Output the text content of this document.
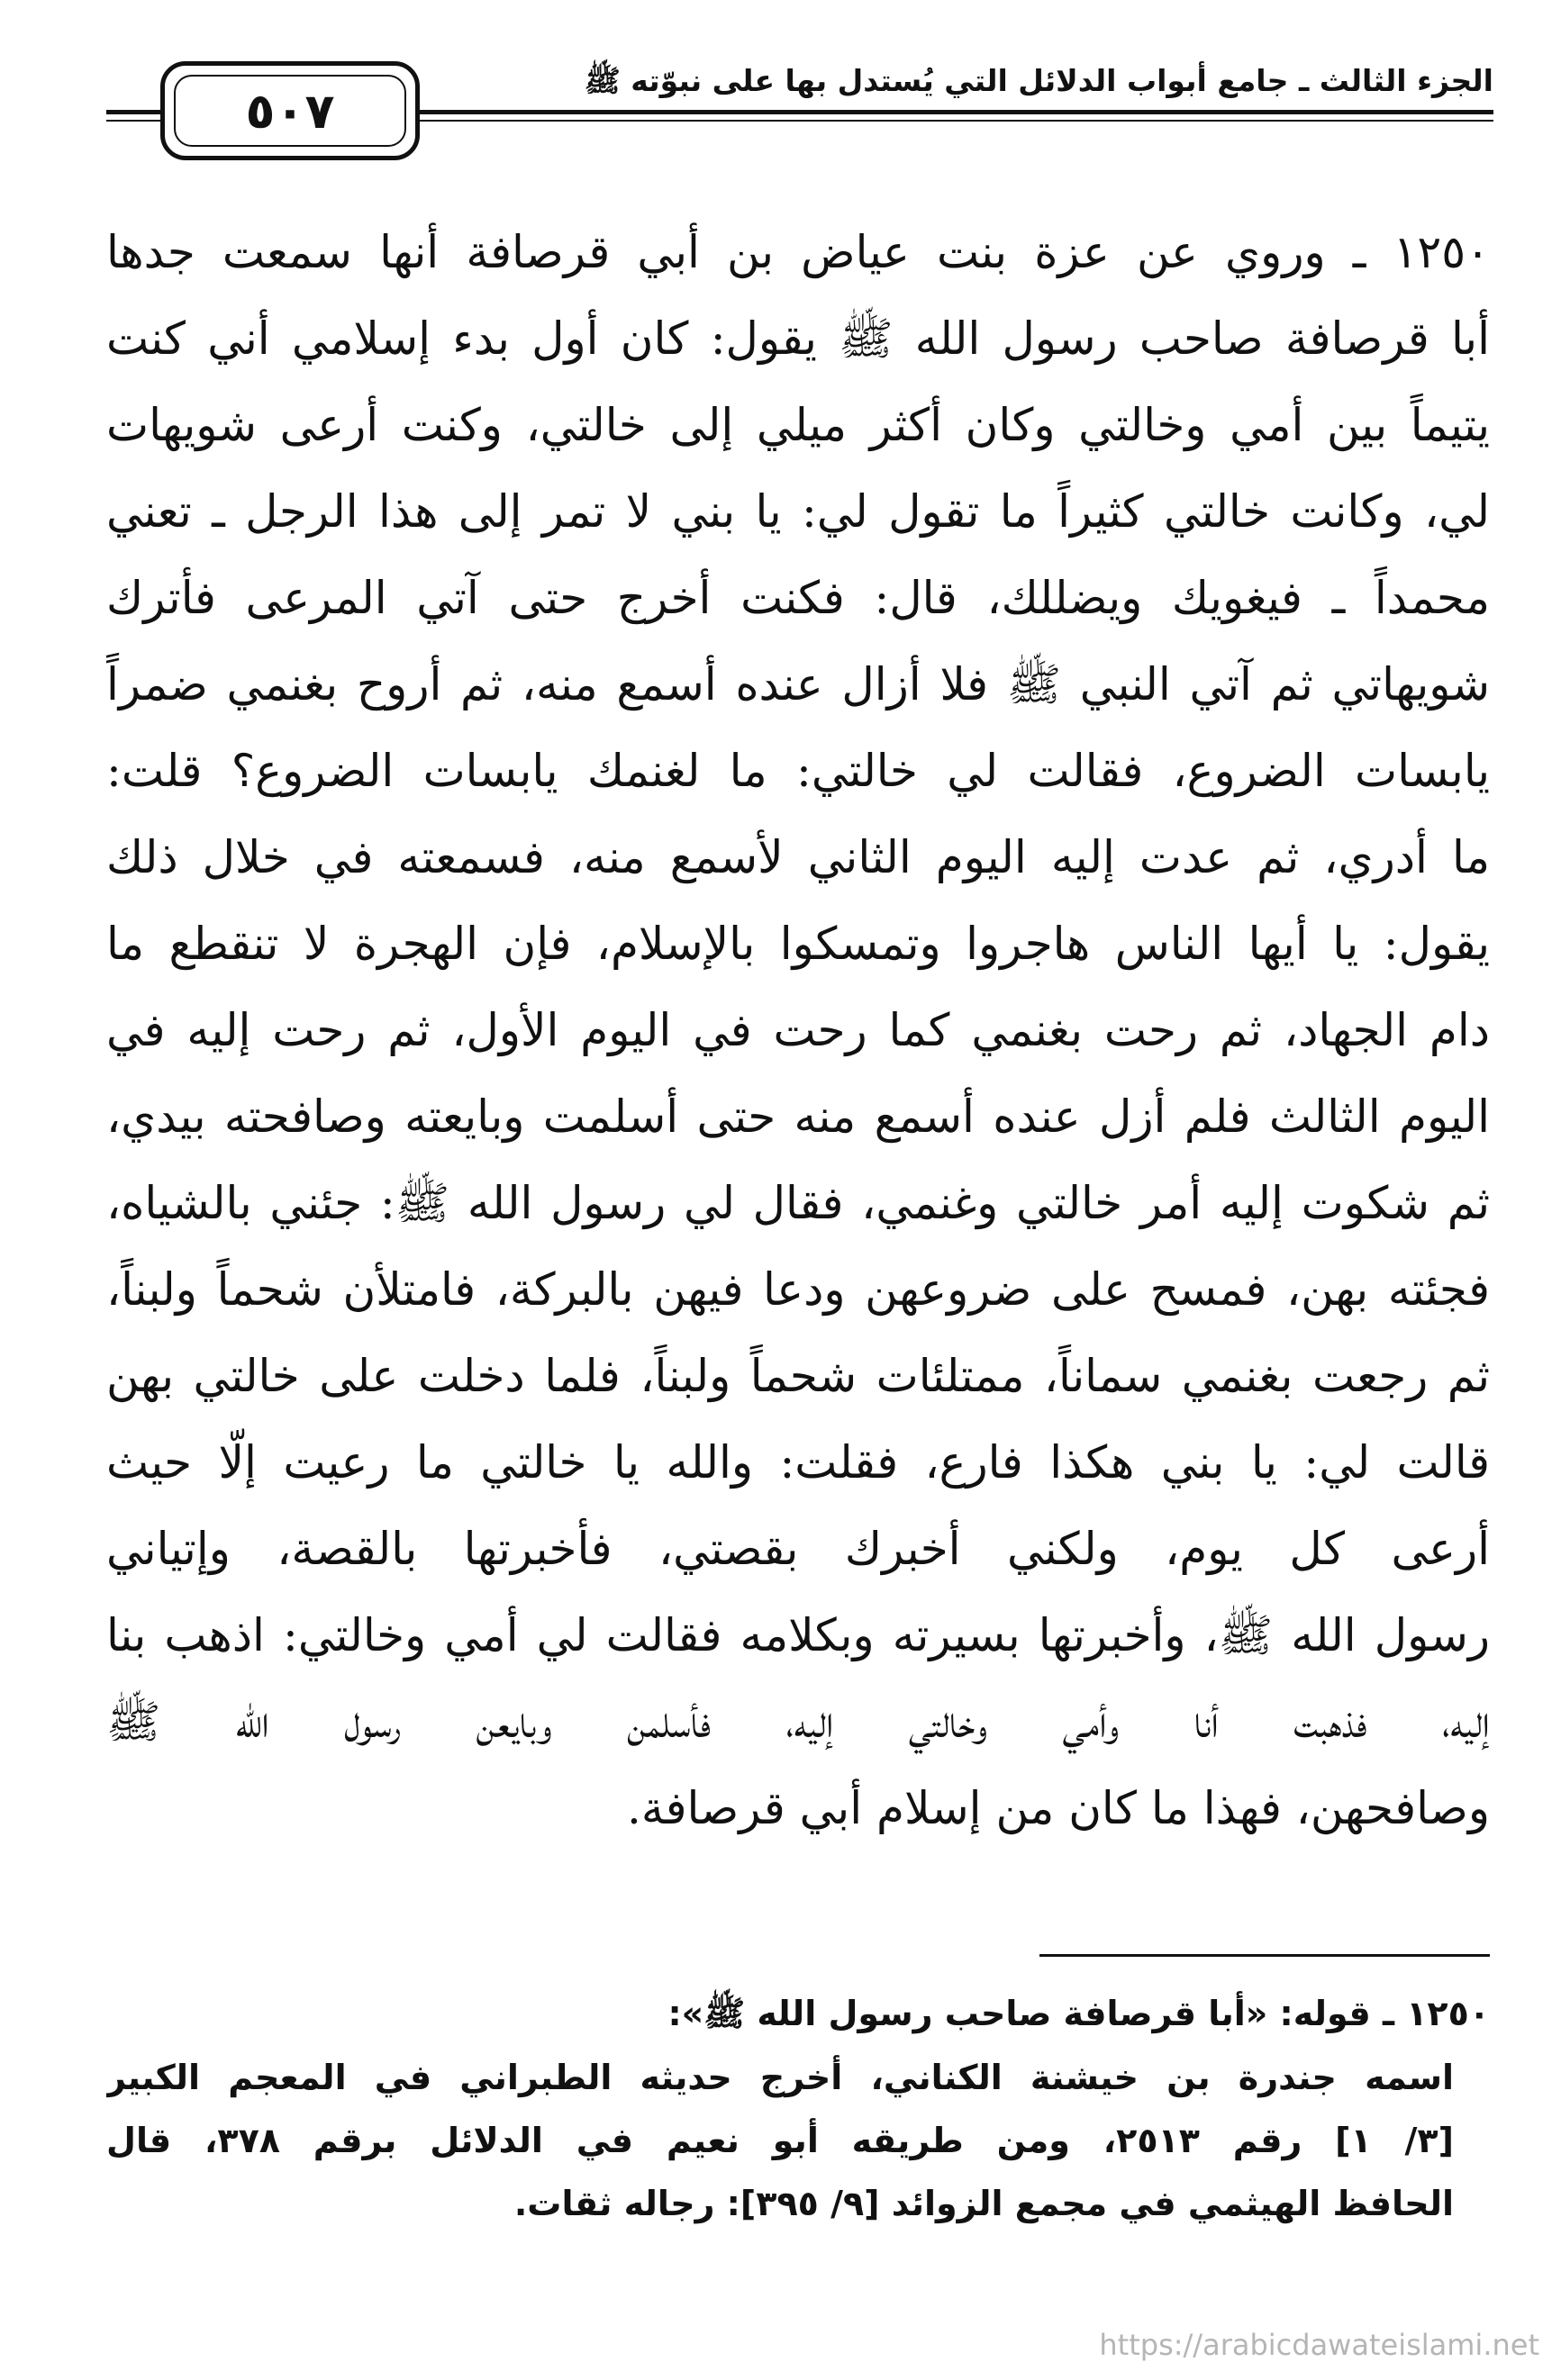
الجزء الثالث ـ جامع أبواب الدلائل التي يُستدل بها على نبوّته ﷺ
٥٠٧
١٢٥٠ ـ وروي عن عزة بنت عياض بن أبي قرصافة أنها سمعت جدها
أبا قرصافة صاحب رسول الله ﷺ يقول: كان أول بدء إسلامي أني كنت
يتيماً بين أمي وخالتي وكان أكثر ميلي إلى خالتي، وكنت أرعى شويهات
لي، وكانت خالتي كثيراً ما تقول لي: يا بني لا تمر إلى هذا الرجل ـ تعني
محمداً ـ فيغويك ويضللك، قال: فكنت أخرج حتى آتي المرعى فأترك
شويهاتي ثم آتي النبي ﷺ فلا أزال عنده أسمع منه، ثم أروح بغنمي ضمراً
يابسات الضروع، فقالت لي خالتي: ما لغنمك يابسات الضروع؟ قلت:
ما أدري، ثم عدت إليه اليوم الثاني لأسمع منه، فسمعته في خلال ذلك
يقول: يا أيها الناس هاجروا وتمسكوا بالإسلام، فإن الهجرة لا تنقطع ما
دام الجهاد، ثم رحت بغنمي كما رحت في اليوم الأول، ثم رحت إليه في
اليوم الثالث فلم أزل عنده أسمع منه حتى أسلمت وبايعته وصافحته بيدي،
ثم شكوت إليه أمر خالتي وغنمي، فقال لي رسول الله ﷺ: جئني بالشياه،
فجئته بهن، فمسح على ضروعهن ودعا فيهن بالبركة، فامتلأن شحماً ولبناً،
ثم رجعت بغنمي سماناً، ممتلئات شحماً ولبناً، فلما دخلت على خالتي بهن
قالت لي: يا بني هكذا فارع، فقلت: والله يا خالتي ما رعيت إلّا حيث
أرعى كل يوم، ولكني أخبرك بقصتي، فأخبرتها بالقصة، وإتياني
رسول الله ﷺ، وأخبرتها بسيرته وبكلامه فقالت لي أمي وخالتي: اذهب بنا
إليه، فذهبت أنا وأمي وخالتي إليه، فأسلمن وبايعن رسول الله ﷺ
وصافحهن، فهذا ما كان من إسلام أبي قرصافة.
١٢٥٠ ـ قوله: «أبا قرصافة صاحب رسول الله ﷺ»:
اسمه جندرة بن خيشنة الكناني، أخرج حديثه الطبراني في المعجم الكبير
[٣/ ١] رقم ٢٥١٣، ومن طريقه أبو نعيم في الدلائل برقم ٣٧٨، قال
الحافظ الهيثمي في مجمع الزوائد [٩/ ٣٩٥]: رجاله ثقات.
https://arabicdawateislami.net
